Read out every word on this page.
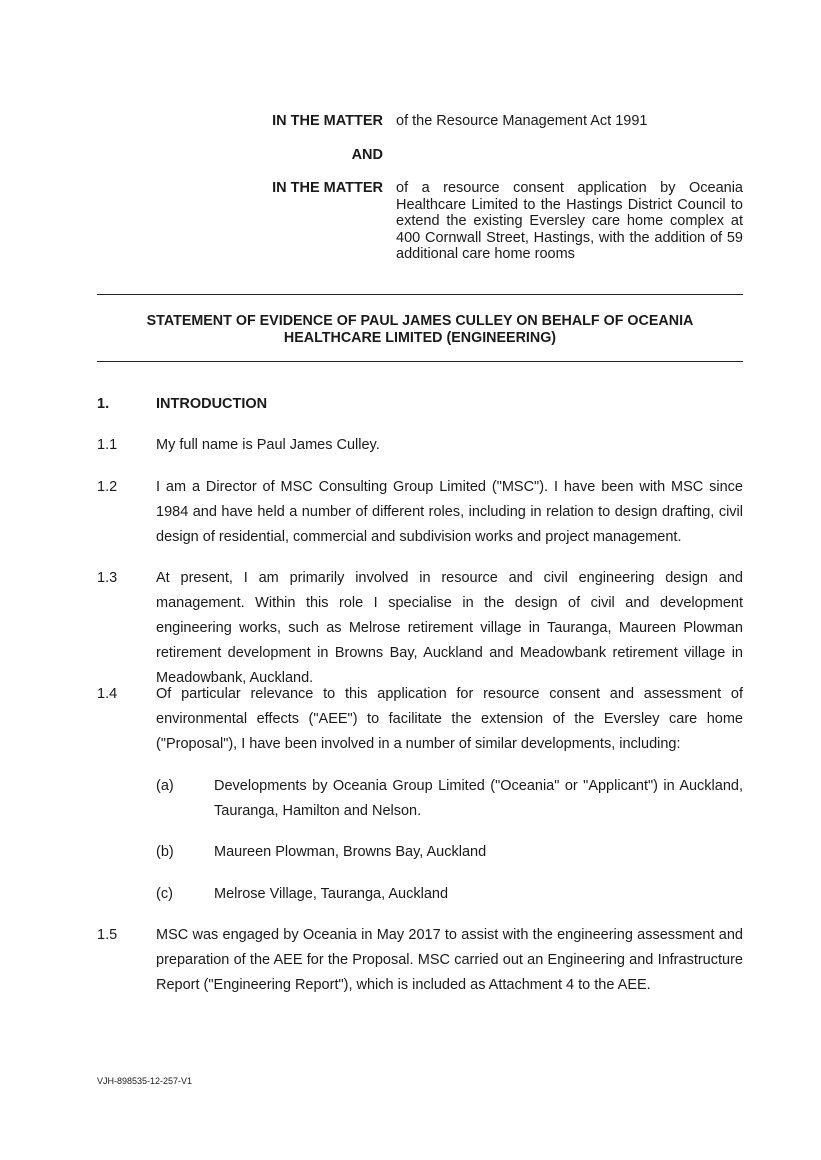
IN THE MATTER of the Resource Management Act 1991
AND
IN THE MATTER of a resource consent application by Oceania Healthcare Limited to the Hastings District Council to extend the existing Eversley care home complex at 400 Cornwall Street, Hastings, with the addition of 59 additional care home rooms
STATEMENT OF EVIDENCE OF PAUL JAMES CULLEY ON BEHALF OF OCEANIA HEALTHCARE LIMITED (ENGINEERING)
1.	INTRODUCTION
1.1	My full name is Paul James Culley.
1.2	I am a Director of MSC Consulting Group Limited ("MSC"). I have been with MSC since 1984 and have held a number of different roles, including in relation to design drafting, civil design of residential, commercial and subdivision works and project management.
1.3	At present, I am primarily involved in resource and civil engineering design and management. Within this role I specialise in the design of civil and development engineering works, such as Melrose retirement village in Tauranga, Maureen Plowman retirement development in Browns Bay, Auckland and Meadowbank retirement village in Meadowbank, Auckland.
1.4	Of particular relevance to this application for resource consent and assessment of environmental effects ("AEE") to facilitate the extension of the Eversley care home ("Proposal"), I have been involved in a number of similar developments, including:
(a)	Developments by Oceania Group Limited ("Oceania" or "Applicant") in Auckland, Tauranga, Hamilton and Nelson.
(b)	Maureen Plowman, Browns Bay, Auckland
(c)	Melrose Village, Tauranga, Auckland
1.5	MSC was engaged by Oceania in May 2017 to assist with the engineering assessment and preparation of the AEE for the Proposal. MSC carried out an Engineering and Infrastructure Report ("Engineering Report"), which is included as Attachment 4 to the AEE.
VJH-898535-12-257-V1
